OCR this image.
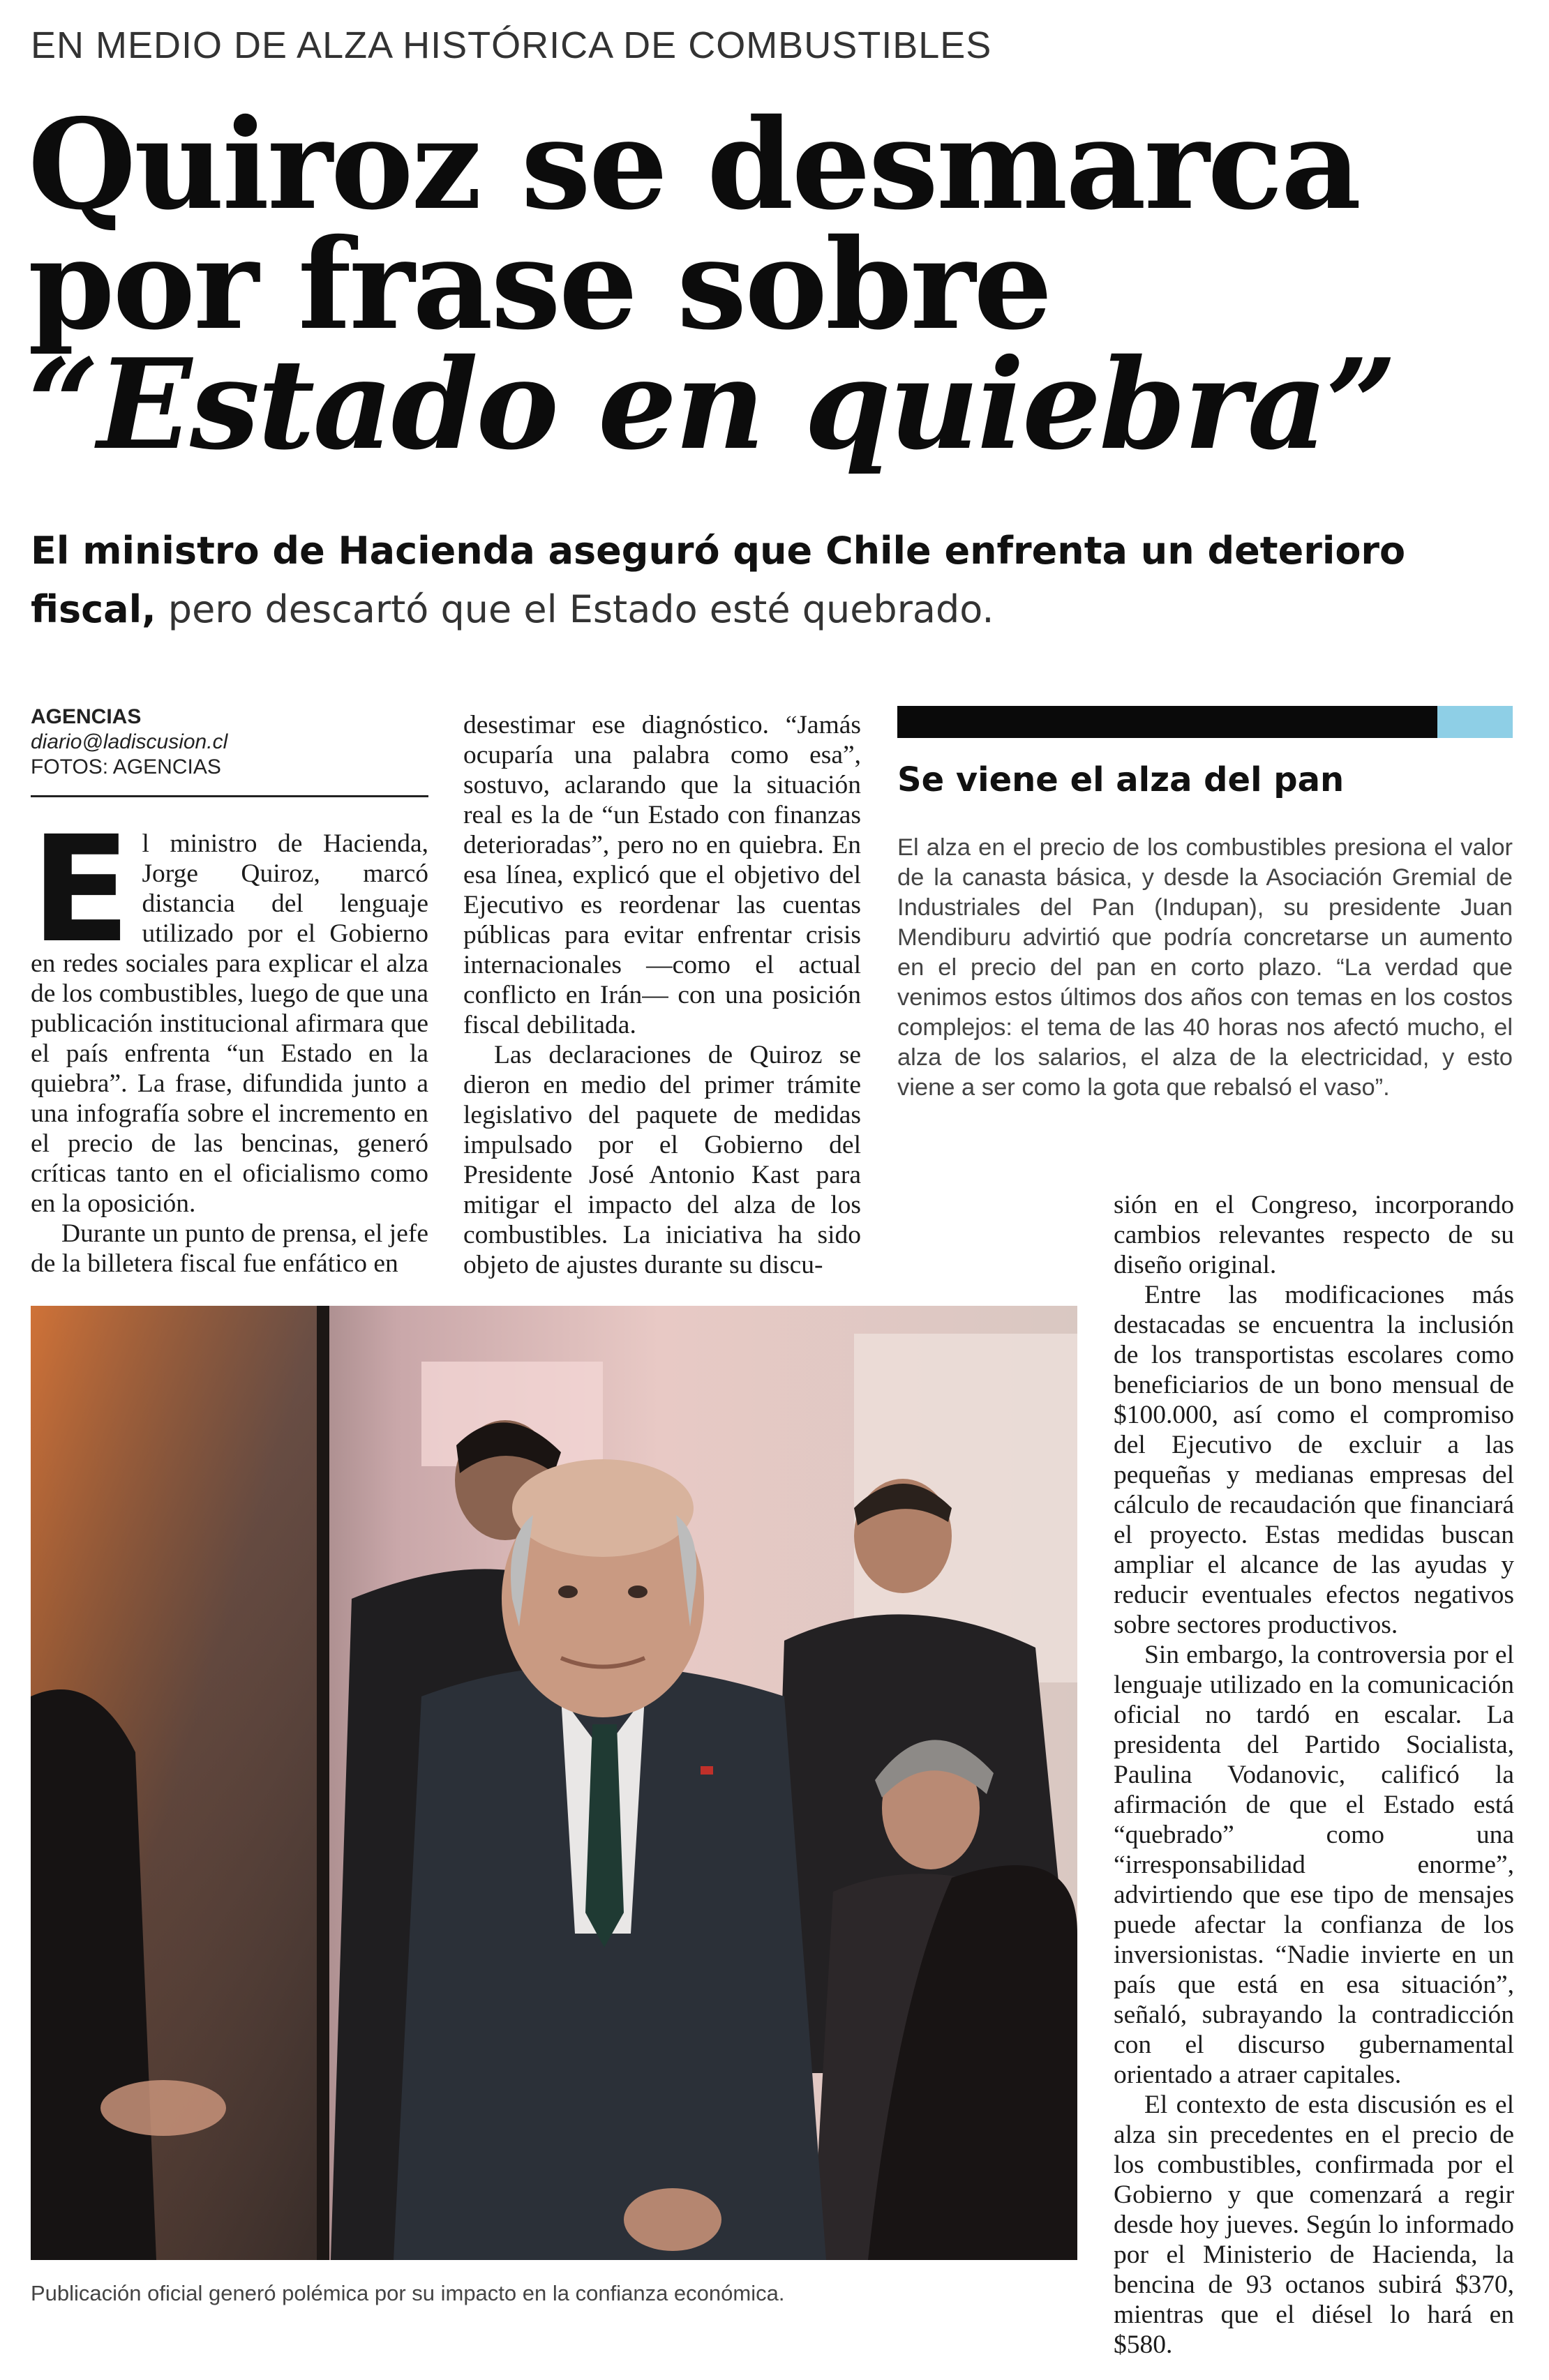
EN MEDIO DE ALZA HISTÓRICA DE COMBUSTIBLES
Quiroz se desmarca
por frase sobre
“Estado en quiebra”
El ministro de Hacienda aseguró que Chile enfrenta un deterioro fiscal, pero descartó que el Estado esté quebrado.
AGENCIAS
diario@ladiscusion.cl
FOTOS: AGENCIAS
E l ministro de Hacienda, Jorge Quiroz, marcó distancia del lenguaje utilizado por el Gobierno en redes sociales para explicar el alza de los combustibles, luego de que una publicación institucional afirmara que el país enfrenta “un Estado en la quiebra”. La frase, difundida junto a una infografía sobre el incremento en el precio de las bencinas, generó críticas tanto en el oficialismo como en la oposición.

Durante un punto de prensa, el jefe de la billetera fiscal fue enfático en

desestimar ese diagnóstico. “Jamás ocuparía una palabra como esa”, sostuvo, aclarando que la situación real es la de “un Estado con finanzas deterioradas”, pero no en quiebra. En esa línea, explicó que el objetivo del Ejecutivo es reordenar las cuentas públicas para evitar enfrentar crisis internacionales —como el actual conflicto en Irán— con una posición fiscal debilitada.

Las declaraciones de Quiroz se dieron en medio del primer trámite legislativo del paquete de medidas impulsado por el Gobierno del Presidente José Antonio Kast para mitigar el impacto del alza de los combustibles. La iniciativa ha sido objeto de ajustes durante su discu-

Se viene el alza del pan
El alza en el precio de los combustibles presiona el valor de la canasta básica, y desde la Asociación Gremial de Industriales del Pan (Indupan), su presidente Juan Mendiburu advirtió que podría concretarse un aumento en el precio del pan en corto plazo. “La verdad que venimos estos últimos dos años con temas en los costos complejos: el tema de las 40 horas nos afectó mucho, el alza de los salarios, el alza de la electricidad, y esto viene a ser como la gota que rebalsó el vaso”.

sión en el Congreso, incorporando cambios relevantes respecto de su diseño original.

Entre las modificaciones más destacadas se encuentra la inclusión de los transportistas escolares como beneficiarios de un bono mensual de $100.000, así como el compromiso del Ejecutivo de excluir a las pequeñas y medianas empresas del cálculo de recaudación que financiará el proyecto. Estas medidas buscan ampliar el alcance de las ayudas y reducir eventuales efectos negativos sobre sectores productivos.

Sin embargo, la controversia por el lenguaje utilizado en la comunicación oficial no tardó en escalar. La presidenta del Partido Socialista, Paulina Vodanovic, calificó la afirmación de que el Estado está “quebrado” como una “irresponsabilidad enorme”, advirtiendo que ese tipo de mensajes puede afectar la confianza de los inversionistas. “Nadie invierte en un país que está en esa situación”, señaló, subrayando la contradicción con el discurso gubernamental orientado a atraer capitales.

El contexto de esta discusión es el alza sin precedentes en el precio de los combustibles, confirmada por el Gobierno y que comenzará a regir desde hoy jueves. Según lo informado por el Ministerio de Hacienda, la bencina de 93 octanos subirá $370, mientras que el diésel lo hará en $580.

Publicación oficial generó polémica por su impacto en la confianza económica.
